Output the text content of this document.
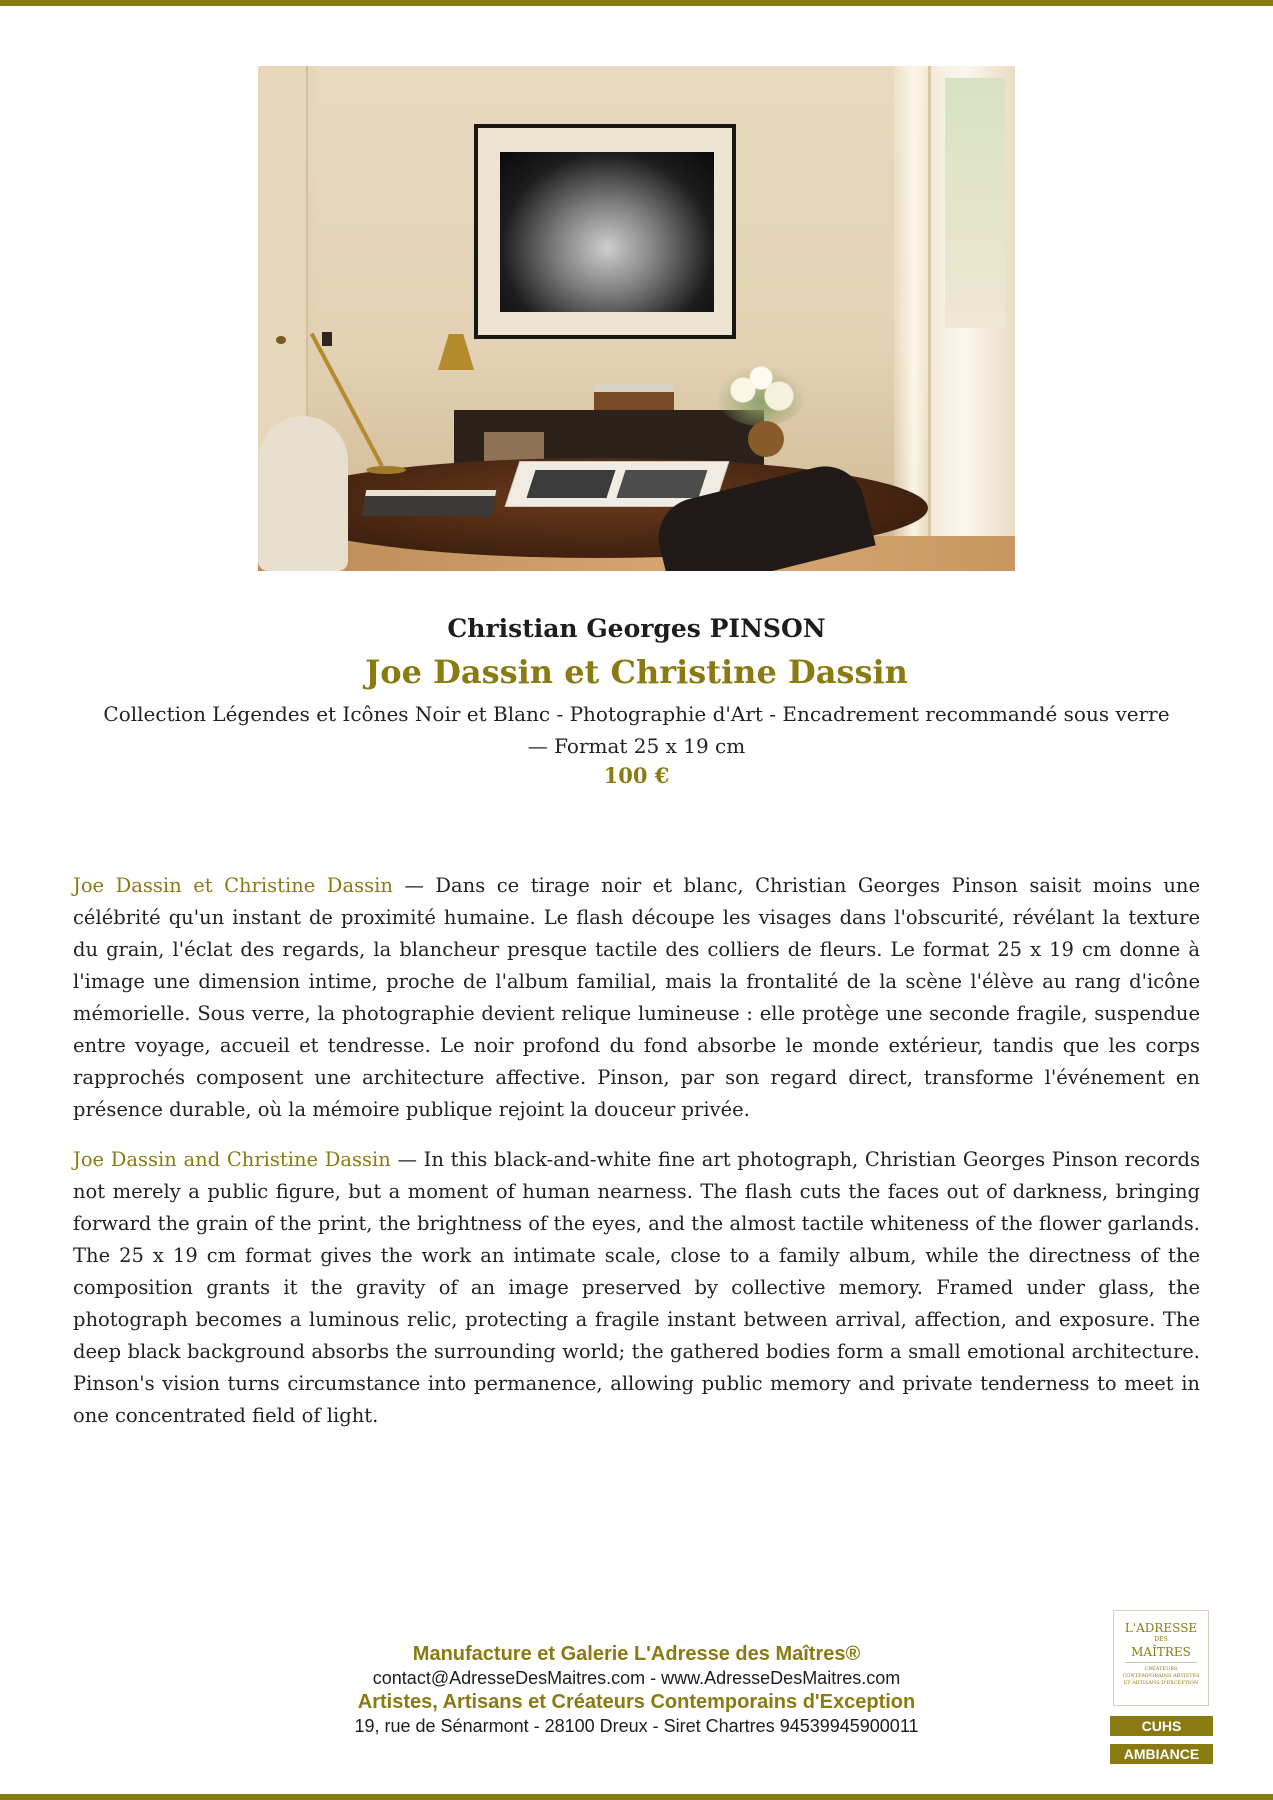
Christian Georges PINSON
Joe Dassin et Christine Dassin
Collection Légendes et Icônes Noir et Blanc - Photographie d'Art - Encadrement recommandé sous verre — Format 25 x 19 cm
100 €

Joe Dassin et Christine Dassin — Dans ce tirage noir et blanc, Christian Georges Pinson saisit moins une célébrité qu'un instant de proximité humaine. Le flash découpe les visages dans l'obscurité, révélant la texture du grain, l'éclat des regards, la blancheur presque tactile des colliers de fleurs. Le format 25 x 19 cm donne à l'image une dimension intime, proche de l'album familial, mais la frontalité de la scène l'élève au rang d'icône mémorielle. Sous verre, la photographie devient relique lumineuse : elle protège une seconde fragile, suspendue entre voyage, accueil et tendresse. Le noir profond du fond absorbe le monde extérieur, tandis que les corps rapprochés composent une architecture affective. Pinson, par son regard direct, transforme l'événement en présence durable, où la mémoire publique rejoint la douceur privée.

Joe Dassin and Christine Dassin — In this black-and-white fine art photograph, Christian Georges Pinson records not merely a public figure, but a moment of human nearness. The flash cuts the faces out of darkness, bringing forward the grain of the print, the brightness of the eyes, and the almost tactile whiteness of the flower garlands. The 25 x 19 cm format gives the work an intimate scale, close to a family album, while the directness of the composition grants it the gravity of an image preserved by collective memory. Framed under glass, the photograph becomes a luminous relic, protecting a fragile instant between arrival, affection, and exposure. The deep black background absorbs the surrounding world; the gathered bodies form a small emotional architecture. Pinson's vision turns circumstance into permanence, allowing public memory and private tenderness to meet in one concentrated field of light.

Manufacture et Galerie L'Adresse des Maîtres®
contact@AdresseDesMaitres.com - www.AdresseDesMaitres.com
Artistes, Artisans et Créateurs Contemporains d'Exception
19, rue de Sénarmont - 28100 Dreux - Siret Chartres 94539945900011
L'ADRESSE
DES
MAÎTRES
CRÉATEURS CONTEMPORAINS ARTISTES ET ARTISANS D'EXCEPTION
CUHS
AMBIANCE
